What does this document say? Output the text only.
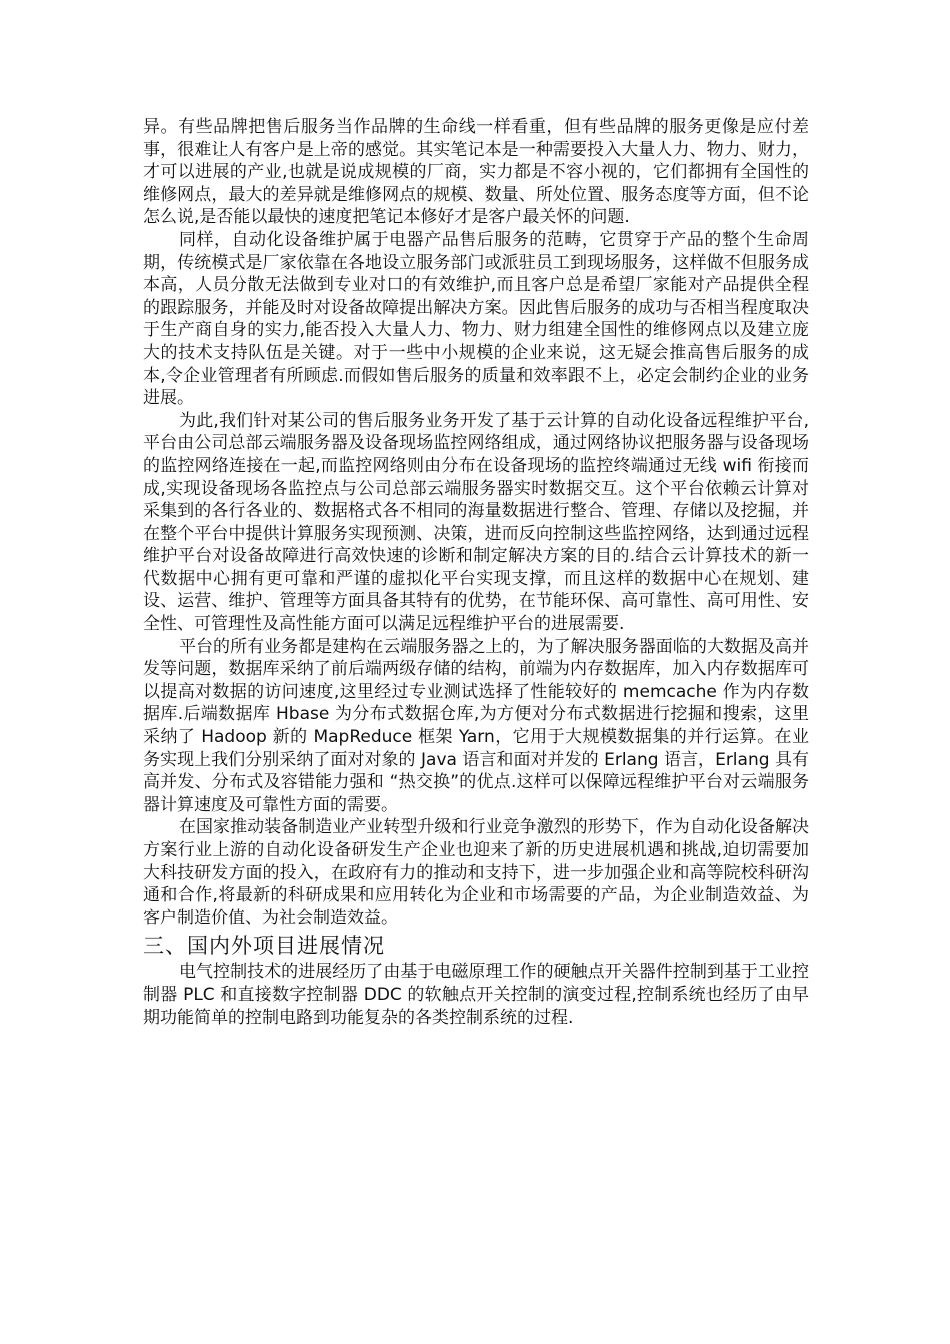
异。有些品牌把售后服务当作品牌的生命线一样看重，但有些品牌的服务更像是应付差事，很难让人有客户是上帝的感觉。其实笔记本是一种需要投入大量人力、物力、财力，才可以进展的产业,也就是说成规模的厂商，实力都是不容小视的，它们都拥有全国性的维修网点，最大的差异就是维修网点的规模、数量、所处位置、服务态度等方面，但不论怎么说,是否能以最快的速度把笔记本修好才是客户最关怀的问题.

同样，自动化设备维护属于电器产品售后服务的范畴，它贯穿于产品的整个生命周期，传统模式是厂家依靠在各地设立服务部门或派驻员工到现场服务，这样做不但服务成本高，人员分散无法做到专业对口的有效维护,而且客户总是希望厂家能对产品提供全程的跟踪服务，并能及时对设备故障提出解决方案。因此售后服务的成功与否相当程度取决于生产商自身的实力,能否投入大量人力、物力、财力组建全国性的维修网点以及建立庞大的技术支持队伍是关键。对于一些中小规模的企业来说，这无疑会推高售后服务的成本,令企业管理者有所顾虑.而假如售后服务的质量和效率跟不上，必定会制约企业的业务进展。

为此,我们针对某公司的售后服务业务开发了基于云计算的自动化设备远程维护平台,平台由公司总部云端服务器及设备现场监控网络组成，通过网络协议把服务器与设备现场的监控网络连接在一起,而监控网络则由分布在设备现场的监控终端通过无线 wifi 衔接而成,实现设备现场各监控点与公司总部云端服务器实时数据交互。这个平台依赖云计算对采集到的各行各业的、数据格式各不相同的海量数据进行整合、管理、存储以及挖掘，并在整个平台中提供计算服务实现预测、决策，进而反向控制这些监控网络，达到通过远程维护平台对设备故障进行高效快速的诊断和制定解决方案的目的.结合云计算技术的新一代数据中心拥有更可靠和严谨的虚拟化平台实现支撑，而且这样的数据中心在规划、建设、运营、维护、管理等方面具备其特有的优势，在节能环保、高可靠性、高可用性、安全性、可管理性及高性能方面可以满足远程维护平台的进展需要.

平台的所有业务都是建构在云端服务器之上的，为了解决服务器面临的大数据及高并发等问题，数据库采纳了前后端两级存储的结构，前端为内存数据库，加入内存数据库可以提高对数据的访问速度,这里经过专业测试选择了性能较好的 memcache 作为内存数据库.后端数据库 Hbase 为分布式数据仓库,为方便对分布式数据进行挖掘和搜索，这里采纳了 Hadoop 新的 MapReduce 框架 Yarn，它用于大规模数据集的并行运算。在业务实现上我们分别采纳了面对对象的 Java 语言和面对并发的 Erlang 语言，Erlang 具有高并发、分布式及容错能力强和 “热交换”的优点.这样可以保障远程维护平台对云端服务器计算速度及可靠性方面的需要。

在国家推动装备制造业产业转型升级和行业竞争激烈的形势下，作为自动化设备解决方案行业上游的自动化设备研发生产企业也迎来了新的历史进展机遇和挑战,迫切需要加大科技研发方面的投入，在政府有力的推动和支持下，进一步加强企业和高等院校科研沟通和合作,将最新的科研成果和应用转化为企业和市场需要的产品，为企业制造效益、为客户制造价值、为社会制造效益。

三、国内外项目进展情况

电气控制技术的进展经历了由基于电磁原理工作的硬触点开关器件控制到基于工业控制器 PLC 和直接数字控制器 DDC 的软触点开关控制的演变过程,控制系统也经历了由早期功能简单的控制电路到功能复杂的各类控制系统的过程.
